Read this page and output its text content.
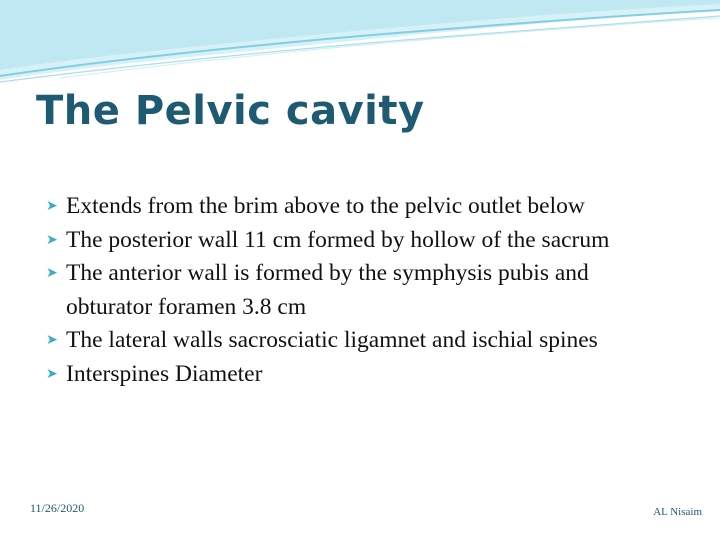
The Pelvic cavity
➤ Extends from the brim above to the pelvic outlet below
➤ The posterior wall 11 cm formed by hollow of the sacrum
➤ The anterior wall is formed by the symphysis pubis and obturator foramen 3.8 cm
➤ The lateral walls sacrosciatic ligamnet and ischial spines
➤ Interspines Diameter
11/26/2020	AL Nisaim
